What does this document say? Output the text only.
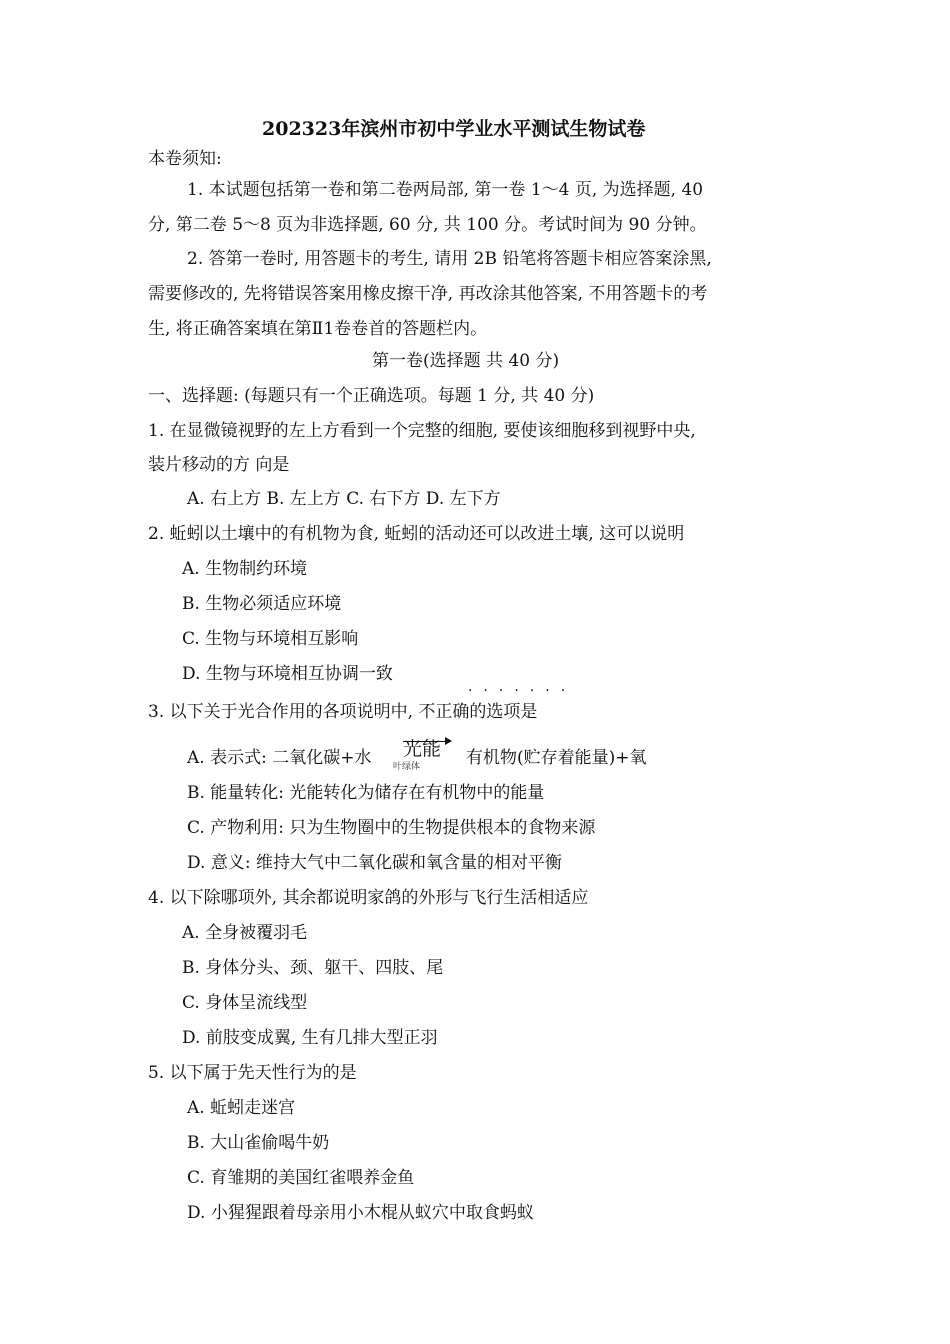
202323年滨州市初中学业水平测试生物试卷
本卷须知:
1. 本试题包括第一卷和第二卷两局部, 第一卷 1～4 页, 为选择题, 40
分, 第二卷 5～8 页为非选择题, 60 分, 共 100 分。考试时间为 90 分钟。
2. 答第一卷时, 用答题卡的考生, 请用 2B 铅笔将答题卡相应答案涂黑,
需要修改的, 先将错误答案用橡皮擦干净, 再改涂其他答案, 不用答题卡的考
生, 将正确答案填在第Ⅱ1卷卷首的答题栏内。
第一卷(选择题 共 40 分)
一、选择题: (每题只有一个正确选项。每题 1 分, 共 40 分)
1. 在显微镜视野的左上方看到一个完整的细胞, 要使该细胞移到视野中央,
装片移动的方 向是
A. 右上方 B. 左上方 C. 右下方 D. 左下方
2. 蚯蚓以土壤中的有机物为食, 蚯蚓的活动还可以改进土壤, 这可以说明
A. 生物制约环境
B. 生物必须适应环境
C. 生物与环境相互影响
D. 生物与环境相互协调一致
·······
3. 以下关于光合作用的各项说明中, 不正确的选项是
A. 表示式: 二氧化碳+水 光能
叶绿体	有机物(贮存着能量)+氧
B. 能量转化: 光能转化为储存在有机物中的能量
C. 产物利用: 只为生物圈中的生物提供根本的食物来源
D. 意义: 维持大气中二氧化碳和氧含量的相对平衡
4. 以下除哪项外, 其余都说明家鸽的外形与飞行生活相适应
A. 全身被覆羽毛
B. 身体分头、颈、躯干、四肢、尾
C. 身体呈流线型
D. 前肢变成翼, 生有几排大型正羽
5. 以下属于先天性行为的是
A. 蚯蚓走迷宫
B. 大山雀偷喝牛奶
C. 育雏期的美国红雀喂养金鱼
D. 小猩猩跟着母亲用小木棍从蚁穴中取食蚂蚁
